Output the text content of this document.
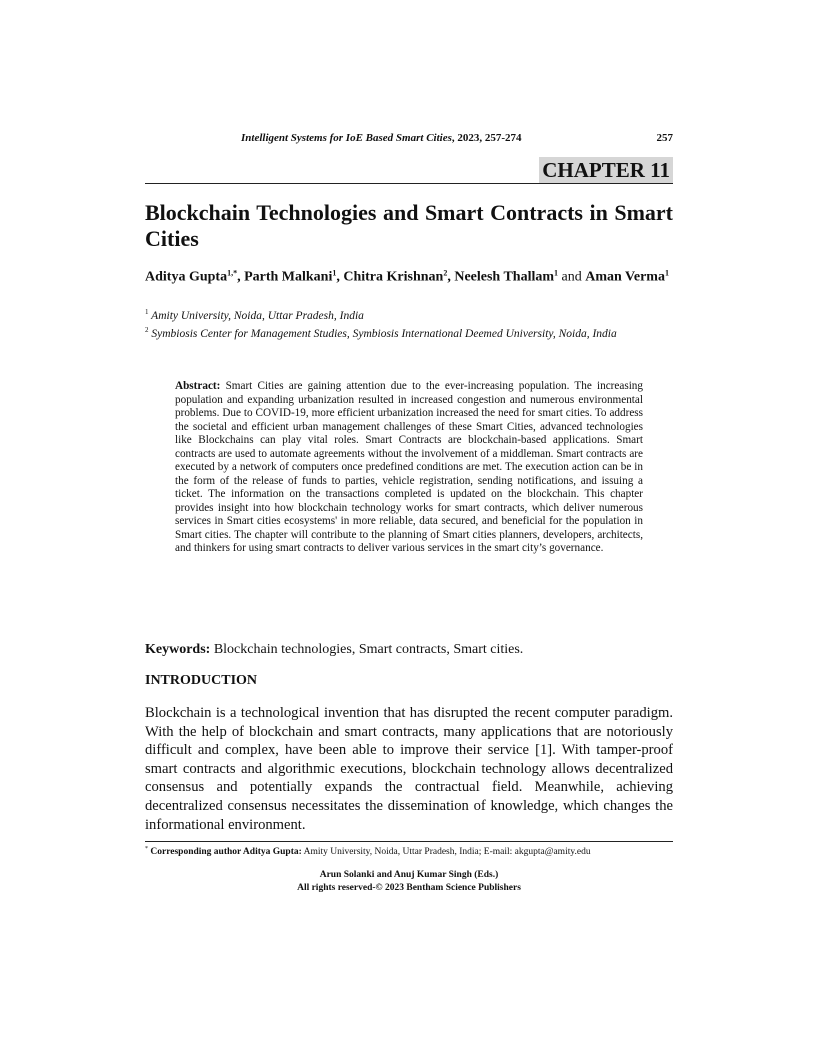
Intelligent Systems for IoE Based Smart Cities, 2023, 257-274	257
CHAPTER 11
Blockchain Technologies and Smart Contracts in Smart Cities
Aditya Gupta$^{1,*}$, Parth Malkani$^1$, Chitra Krishnan$^2$, Neelesh Thallam$^1$ and Aman Verma$^1$
$^1$ Amity University, Noida, Uttar Pradesh, India
$^2$ Symbiosis Center for Management Studies, Symbiosis International Deemed University, Noida, India
Abstract: Smart Cities are gaining attention due to the ever-increasing population. The increasing population and expanding urbanization resulted in increased congestion and numerous environmental problems. Due to COVID-19, more efficient urbanization increased the need for smart cities. To address the societal and efficient urban management challenges of these Smart Cities, advanced technologies like Blockchains can play vital roles. Smart Contracts are blockchain-based applications. Smart contracts are used to automate agreements without the involvement of a middleman. Smart contracts are executed by a network of computers once predefined conditions are met. The execution action can be in the form of the release of funds to parties, vehicle registration, sending notifications, and issuing a ticket. The information on the transactions completed is updated on the blockchain. This chapter provides insight into how blockchain technology works for smart contracts, which deliver numerous services in Smart cities ecosystems' in more reliable, data secured, and beneficial for the population in Smart cities. The chapter will contribute to the planning of Smart cities planners, developers, architects, and thinkers for using smart contracts to deliver various services in the smart city’s governance.
Keywords: Blockchain technologies, Smart contracts, Smart cities.
INTRODUCTION
Blockchain is a technological invention that has disrupted the recent computer paradigm. With the help of blockchain and smart contracts, many applications that are notoriously difficult and complex, have been able to improve their service [1]. With tamper-proof smart contracts and algorithmic executions, blockchain technology allows decentralized consensus and potentially expands the contractual field. Meanwhile, achieving decentralized consensus necessitates the dissemination of knowledge, which changes the informational environment.
* Corresponding author Aditya Gupta: Amity University, Noida, Uttar Pradesh, India; E-mail: akgupta@amity.edu
Arun Solanki and Anuj Kumar Singh (Eds.)
All rights reserved-© 2023 Bentham Science Publishers
